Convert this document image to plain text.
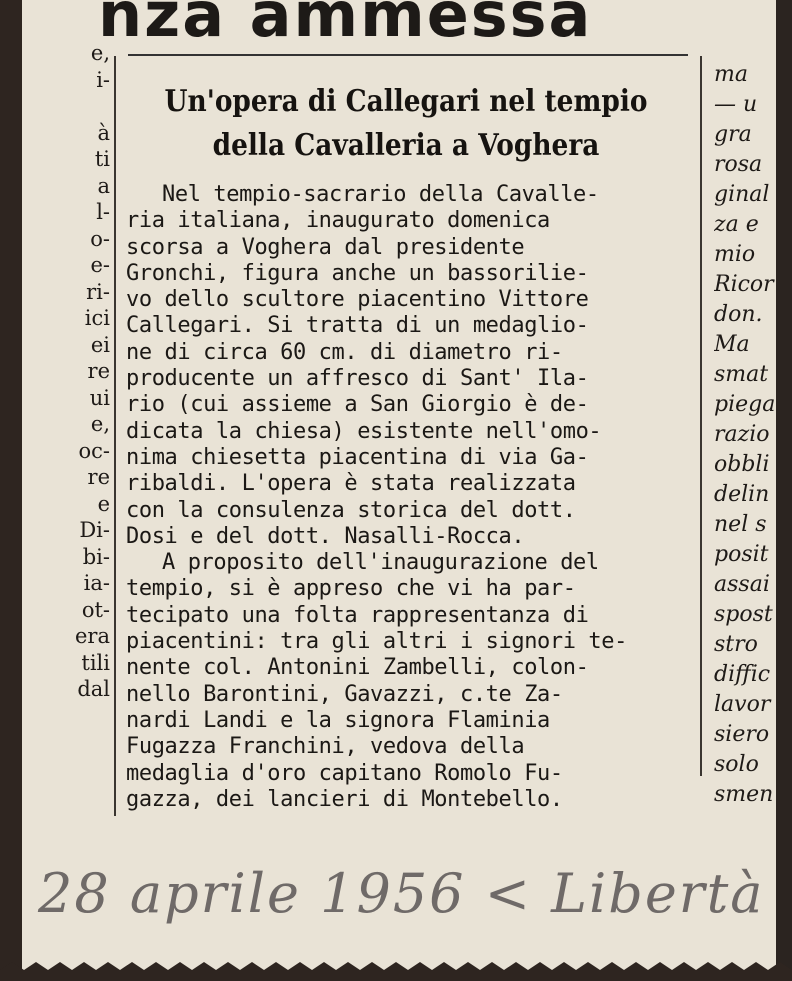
nza ammessa
e,
i-

à
ti
a
l-
o-
e-
ri-
ici
ei
re
ui
e,
oc-
re
e
Di-
bi-
ia-
ot-
era
tili
dal
ma
— u
gra
rosa
ginal
za e
mio
Ricor
don.
Ma
smat
piega
razio
obbli
delin
nel s
posit
assai
spost
stro
diffic
lavor
siero
solo
smen
Un'opera di Callegari nel tempio
della Cavalleria a Voghera
Nel tempio-sacrario della Cavalle-
ria italiana, inaugurato domenica
scorsa a Voghera dal presidente
Gronchi, figura anche un bassorilie-
vo dello scultore piacentino Vittore
Callegari. Si tratta di un medaglio-
ne di circa 60 cm. di diametro ri-
producente un affresco di Sant' Ila-
rio (cui assieme a San Giorgio è de-
dicata la chiesa) esistente nell'omo-
nima chiesetta piacentina di via Ga-
ribaldi. L'opera è stata realizzata
con la consulenza storica del dott.
Dosi e del dott. Nasalli-Rocca.
A proposito dell'inaugurazione del
tempio, si è appreso che vi ha par-
tecipato una folta rappresentanza di
piacentini: tra gli altri i signori te-
nente col. Antonini Zambelli, colon-
nello Barontini, Gavazzi, c.te Za-
nardi Landi e la signora Flaminia
Fugazza Franchini, vedova della
medaglia d'oro capitano Romolo Fu-
gazza, dei lancieri di Montebello.
28 aprile 1956 < Libertà
